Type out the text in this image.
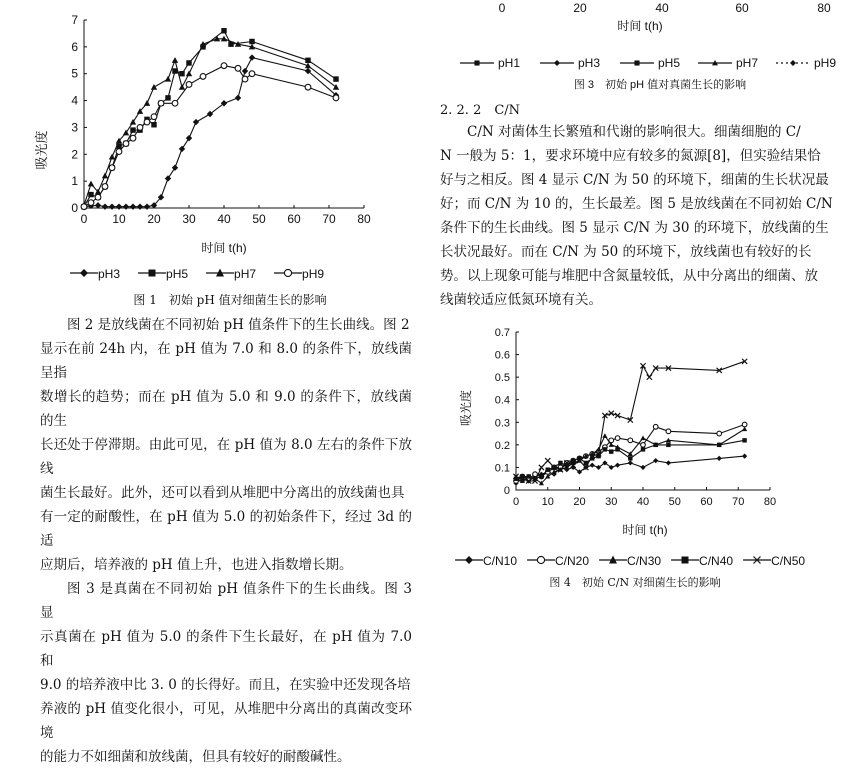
吸光度
0 10 20 30 40 50 60 70 80
0
1
2
3
4
5
6
7
时间 t(h)
pH3	pH5	pH7	pH9
图 1　初始 pH 值对细菌生长的影响

图 2 是放线菌在不同初始 pH 值条件下的生长曲线。图 2
显示在前 24h 内，在 pH 值为 7.0 和 8.0 的条件下，放线菌呈指
数增长的趋势；而在 pH 值为 5.0 和 9.0 的条件下，放线菌的生
长还处于停滞期。由此可见，在 pH 值为 8.0 左右的条件下放线
菌生长最好。此外，还可以看到从堆肥中分离出的放线菌也具
有一定的耐酸性，在 pH 值为 5.0 的初始条件下，经过 3d 的适
应期后，培养液的 pH 值上升，也进入指数增长期。

图 3 是真菌在不同初始 pH 值条件下的生长曲线。图 3 显
示真菌在 pH 值为 5.0 的条件下生长最好，在 pH 值为 7.0 和
9.0 的培养液中比 3. 0 的长得好。而且，在实验中还发现各培
养液的 pH 值变化很小，可见，从堆肥中分离出的真菌改变环境
的能力不如细菌和放线菌，但具有较好的耐酸碱性。

0	20	40	60	80
时间 t(h)
pH1	pH3	pH5	pH7	pH9
图 3　初始 pH 值对真菌生长的影响
2. 2. 2　C/N

C/N 对菌体生长繁殖和代谢的影响很大。细菌细胞的 C/
N 一般为 5：1，要求环境中应有较多的氮源[8]，但实验结果恰
好与之相反。图 4 显示 C/N 为 50 的环境下，细菌的生长状况最
好；而 C/N 为 10 的，生长最差。图 5 是放线菌在不同初始 C/N
条件下的生长曲线。图 5 显示 C/N 为 30 的环境下，放线菌的生
长状况最好。而在 C/N 为 50 的环境下，放线菌也有较好的长
势。以上现象可能与堆肥中含氮量较低，从中分离出的细菌、放
线菌较适应低氮环境有关。

吸光度
0 10 20 30 40 50 60 70 80
0
0.1
0.2
0.3
0.4
0.5
0.6
0.7
时间 t(h)
C/N10	C/N20	C/N30	C/N40	C/N50
图 4　初始 C/N 对细菌生长的影响
